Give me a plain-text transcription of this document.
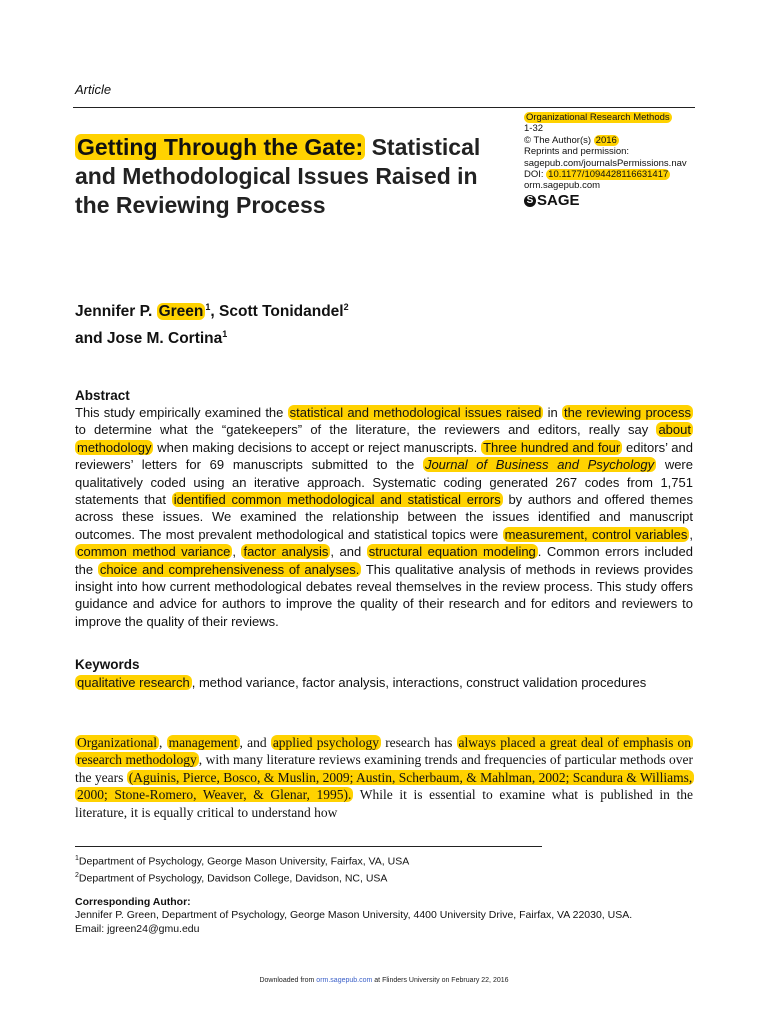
Article
Organizational Research Methods
1-32
© The Author(s) 2016
Reprints and permission:
sagepub.com/journalsPermissions.nav
DOI: 10.1177/1094428116631417
orm.sagepub.com
S SAGE
Getting Through the Gate: Statistical and Methodological Issues Raised in the Reviewing Process
Jennifer P. Green $^1$, Scott Tonidandel$^2$
and Jose M. Cortina$^1$
Abstract
This study empirically examined the statistical and methodological issues raised in the reviewing process to determine what the “gatekeepers” of the literature, the reviewers and editors, really say about methodology when making decisions to accept or reject manuscripts. Three hundred and four editors’ and reviewers’ letters for 69 manuscripts submitted to the Journal of Business and Psychology were qualitatively coded using an iterative approach. Systematic coding generated 267 codes from 1,751 statements that identified common methodological and statistical errors by authors and offered themes across these issues. We examined the relationship between the issues identified and manuscript outcomes. The most prevalent methodological and statistical topics were measurement, control variables , common method variance , factor analysis , and structural equation modeling . Common errors included the choice and comprehensiveness of analyses. This qualitative analysis of methods in reviews provides insight into how current methodological debates reveal themselves in the review process. This study offers guidance and advice for authors to improve the quality of their research and for editors and reviewers to improve the quality of their reviews.
Keywords
qualitative research , method variance, factor analysis, interactions, construct validation procedures
Organizational , management , and applied psychology research has always placed a great deal of emphasis on research methodology , with many literature reviews examining trends and frequencies of particular methods over the years (Aguinis, Pierce, Bosco, & Muslin, 2009; Austin, Scherbaum, & Mahlman, 2002; Scandura & Williams, 2000; Stone-Romero, Weaver, & Glenar, 1995). While it is essential to examine what is published in the literature, it is equally critical to understand how
$^1$Department of Psychology, George Mason University, Fairfax, VA, USA
$^2$Department of Psychology, Davidson College, Davidson, NC, USA
Corresponding Author:
Jennifer P. Green, Department of Psychology, George Mason University, 4400 University Drive, Fairfax, VA 22030, USA.
Email: jgreen24@gmu.edu
Downloaded from orm.sagepub.com at Flinders University on February 22, 2016
